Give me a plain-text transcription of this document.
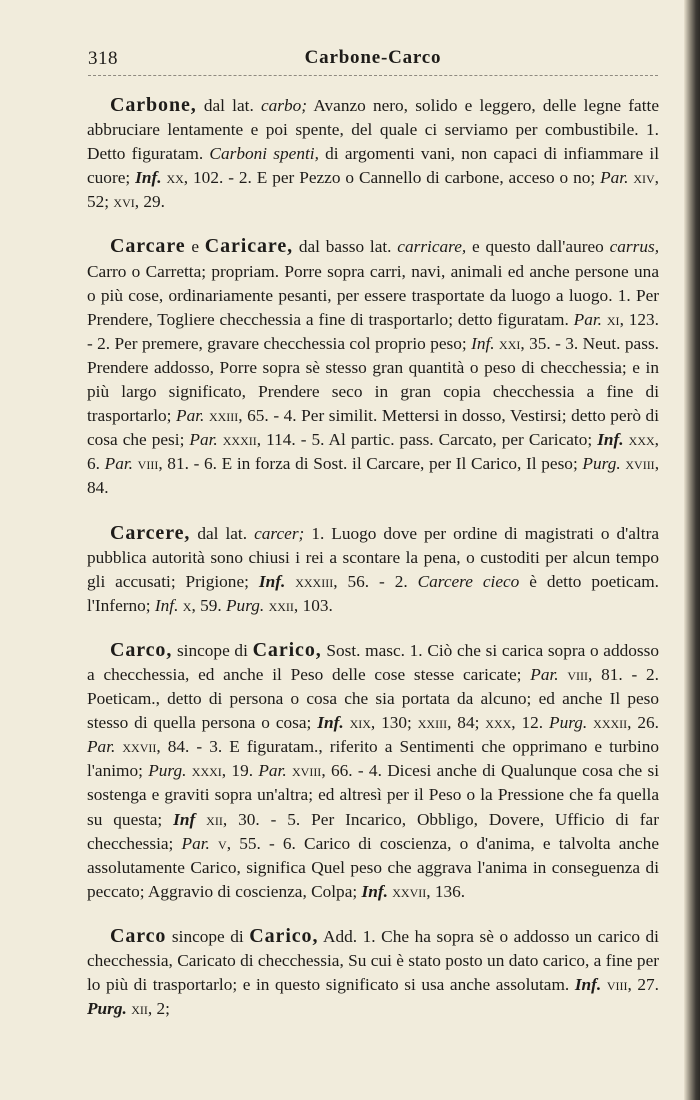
318	Carbone-Carco

Carbone, dal lat. carbo; Avanzo nero, solido e leggero, delle legne fatte abbruciare lentamente e poi spente, del quale ci serviamo per combustibile. 1. Detto figuratam. Carboni spenti, di argomenti vani, non capaci di infiammare il cuore; Inf. xx, 102. - 2. E per Pezzo o Cannello di carbone, acceso o no; Par. xiv, 52; xvi, 29.

Carcare e Caricare, dal basso lat. carricare, e questo dall'aureo carrus, Carro o Carretta; propriam. Porre sopra carri, navi, animali ed anche persone una o più cose, ordinariamente pesanti, per essere trasportate da luogo a luogo. 1. Per Prendere, Togliere checchessia a fine di trasportarlo; detto figuratam. Par. xi, 123. - 2. Per premere, gravare checchessia col proprio peso; Inf. xxi, 35. - 3. Neut. pass. Prendere addosso, Porre sopra sè stesso gran quantità o peso di checchessia; e in più largo significato, Prendere seco in gran copia checchessia a fine di trasportarlo; Par. xxiii, 65. - 4. Per similit. Mettersi in dosso, Vestirsi; detto però di cosa che pesi; Par. xxxii, 114. - 5. Al partic. pass. Carcato, per Caricato; Inf. xxx, 6. Par. viii, 81. - 6. E in forza di Sost. il Carcare, per Il Carico, Il peso; Purg. xviii, 84.

Carcere, dal lat. carcer; 1. Luogo dove per ordine di magistrati o d'altra pubblica autorità sono chiusi i rei a scontare la pena, o custoditi per alcun tempo gli accusati; Prigione; Inf. xxxiii, 56. - 2. Carcere cieco è detto poeticam. l'Inferno; Inf. x, 59. Purg. xxii, 103.

Carco, sincope di Carico, Sost. masc. 1. Ciò che si carica sopra o addosso a checchessia, ed anche il Peso delle cose stesse caricate; Par. viii, 81. - 2. Poeticam., detto di persona o cosa che sia portata da alcuno; ed anche Il peso stesso di quella persona o cosa; Inf. xix, 130; xxiii, 84; xxx, 12. Purg. xxxii, 26. Par. xxvii, 84. - 3. E figuratam., riferito a Sentimenti che opprimano e turbino l'animo; Purg. xxxi, 19. Par. xviii, 66. - 4. Dicesi anche di Qualunque cosa che si sostenga e graviti sopra un'altra; ed altresì per il Peso o la Pressione che fa quella su questa; Inf xii, 30. - 5. Per Incarico, Obbligo, Dovere, Ufficio di far checchessia; Par. v, 55. - 6. Carico di coscienza, o d'anima, e talvolta anche assolutamente Carico, significa Quel peso che aggrava l'anima in conseguenza di peccato; Aggravio di coscienza, Colpa; Inf. xxvii, 136.

Carco sincope di Carico, Add. 1. Che ha sopra sè o addosso un carico di checchessia, Caricato di checchessia, Su cui è stato posto un dato carico, a fine per lo più di trasportarlo; e in questo significato si usa anche assolutam. Inf. viii, 27. Purg. xii, 2;
